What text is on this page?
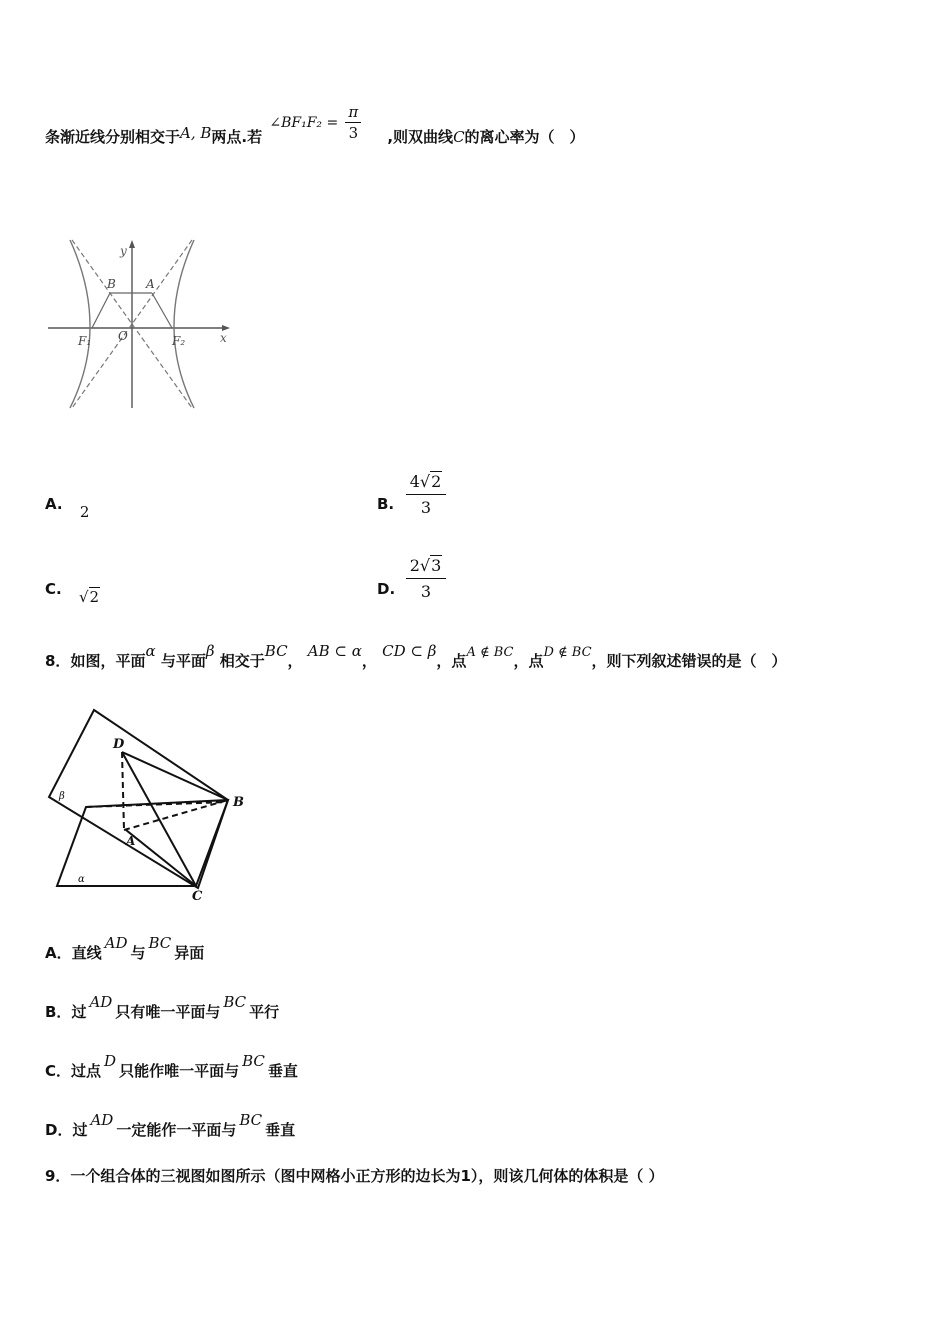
条渐近线分别相交于A, B两点.若
∠BF₁F₂ =
π
3 ,则双曲线C的离心率为（　）
y
B	A
O
F₁	F₂	x
A. 2	B.
4√2
3
C. √2	D.
2√3
3
8．如图，平面α 与平面β 相交于BC， AB ⊂ α， CD ⊂ β，点A ∉ BC，点D ∉ BC，则下列叙述错误的是（　）
D
B
β
A
α
C
A．直线AD与BC异面
B．过AD只有唯一平面与BC平行
C．过点D只能作唯一平面与BC垂直
D．过AD一定能作一平面与BC垂直
9．一个组合体的三视图如图所示（图中网格小正方形的边长为1），则该几何体的体积是（ ）
